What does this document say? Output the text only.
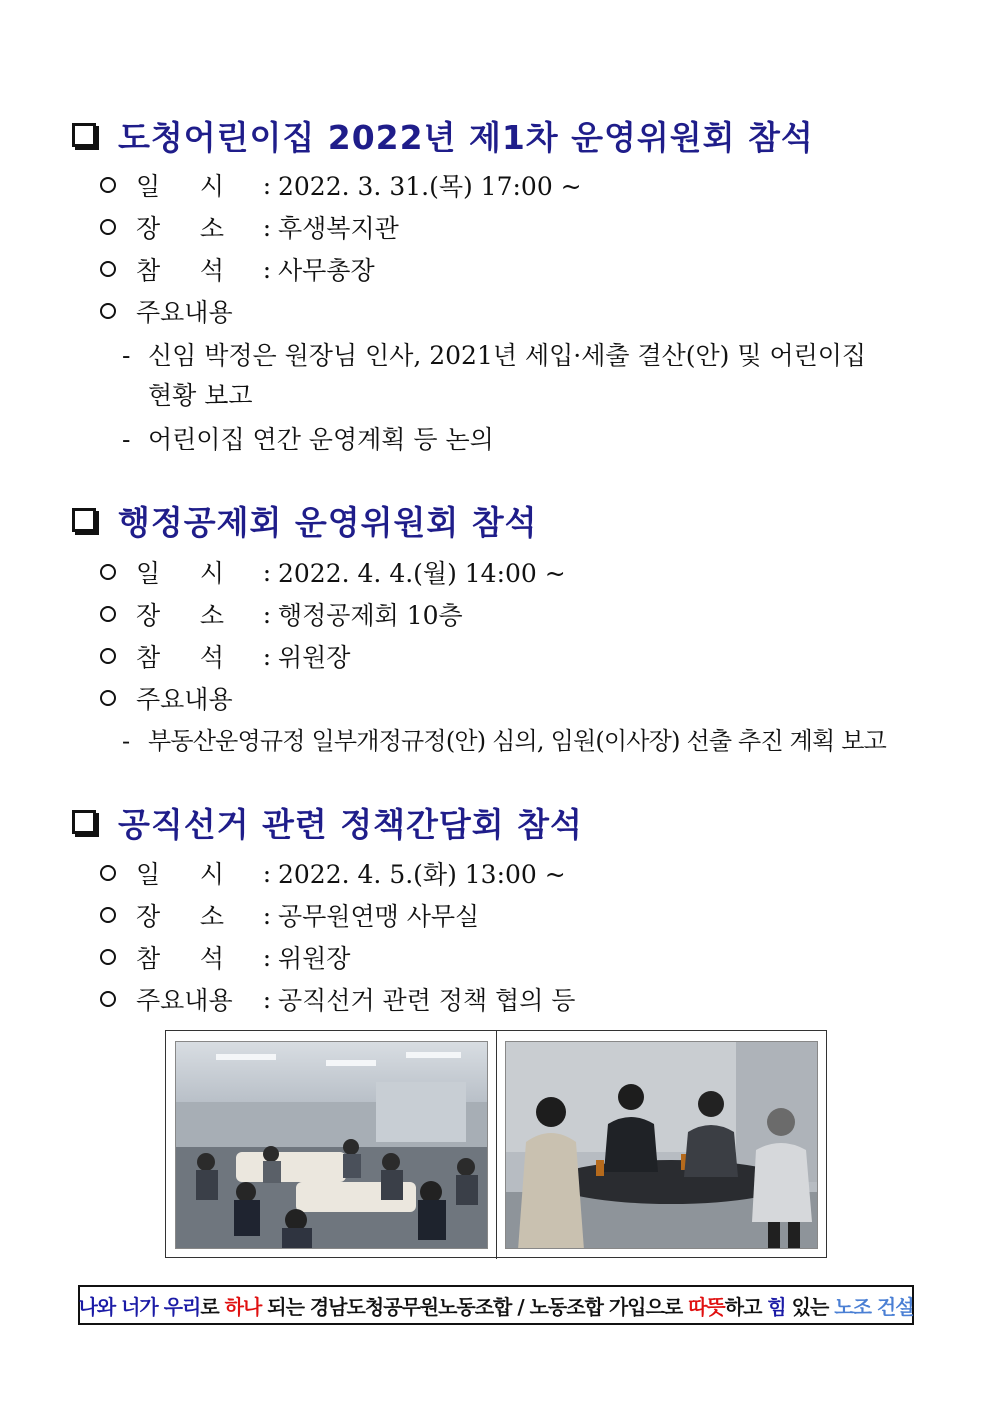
도청어린이집 2022년 제1차 운영위원회 참석
일     시	: 2022. 3. 31.(목) 17:00 ~
장     소	: 후생복지관
참     석	: 사무총장
주요내용
- 신임 박정은 원장님 인사, 2021년 세입·세출 결산(안) 및 어린이집
현황 보고
- 어린이집 연간 운영계획 등 논의
행정공제회 운영위원회 참석
일     시	: 2022. 4. 4.(월) 14:00 ~
장     소	: 행정공제회 10층
참     석	: 위원장
주요내용
- 부동산운영규정 일부개정규정(안) 심의, 임원(이사장) 선출 추진 계획 보고
공직선거 관련 정책간담회 참석
일     시	: 2022. 4. 5.(화) 13:00 ~
장     소	: 공무원연맹 사무실
참     석	: 위원장
주요내용	: 공직선거 관련 정책 협의 등
나와 너가 우리 로 하나 되는 경남도청공무원노동조합 / 노동조합 가입으로 따뜻 하고 힘 있는 노조 건설
